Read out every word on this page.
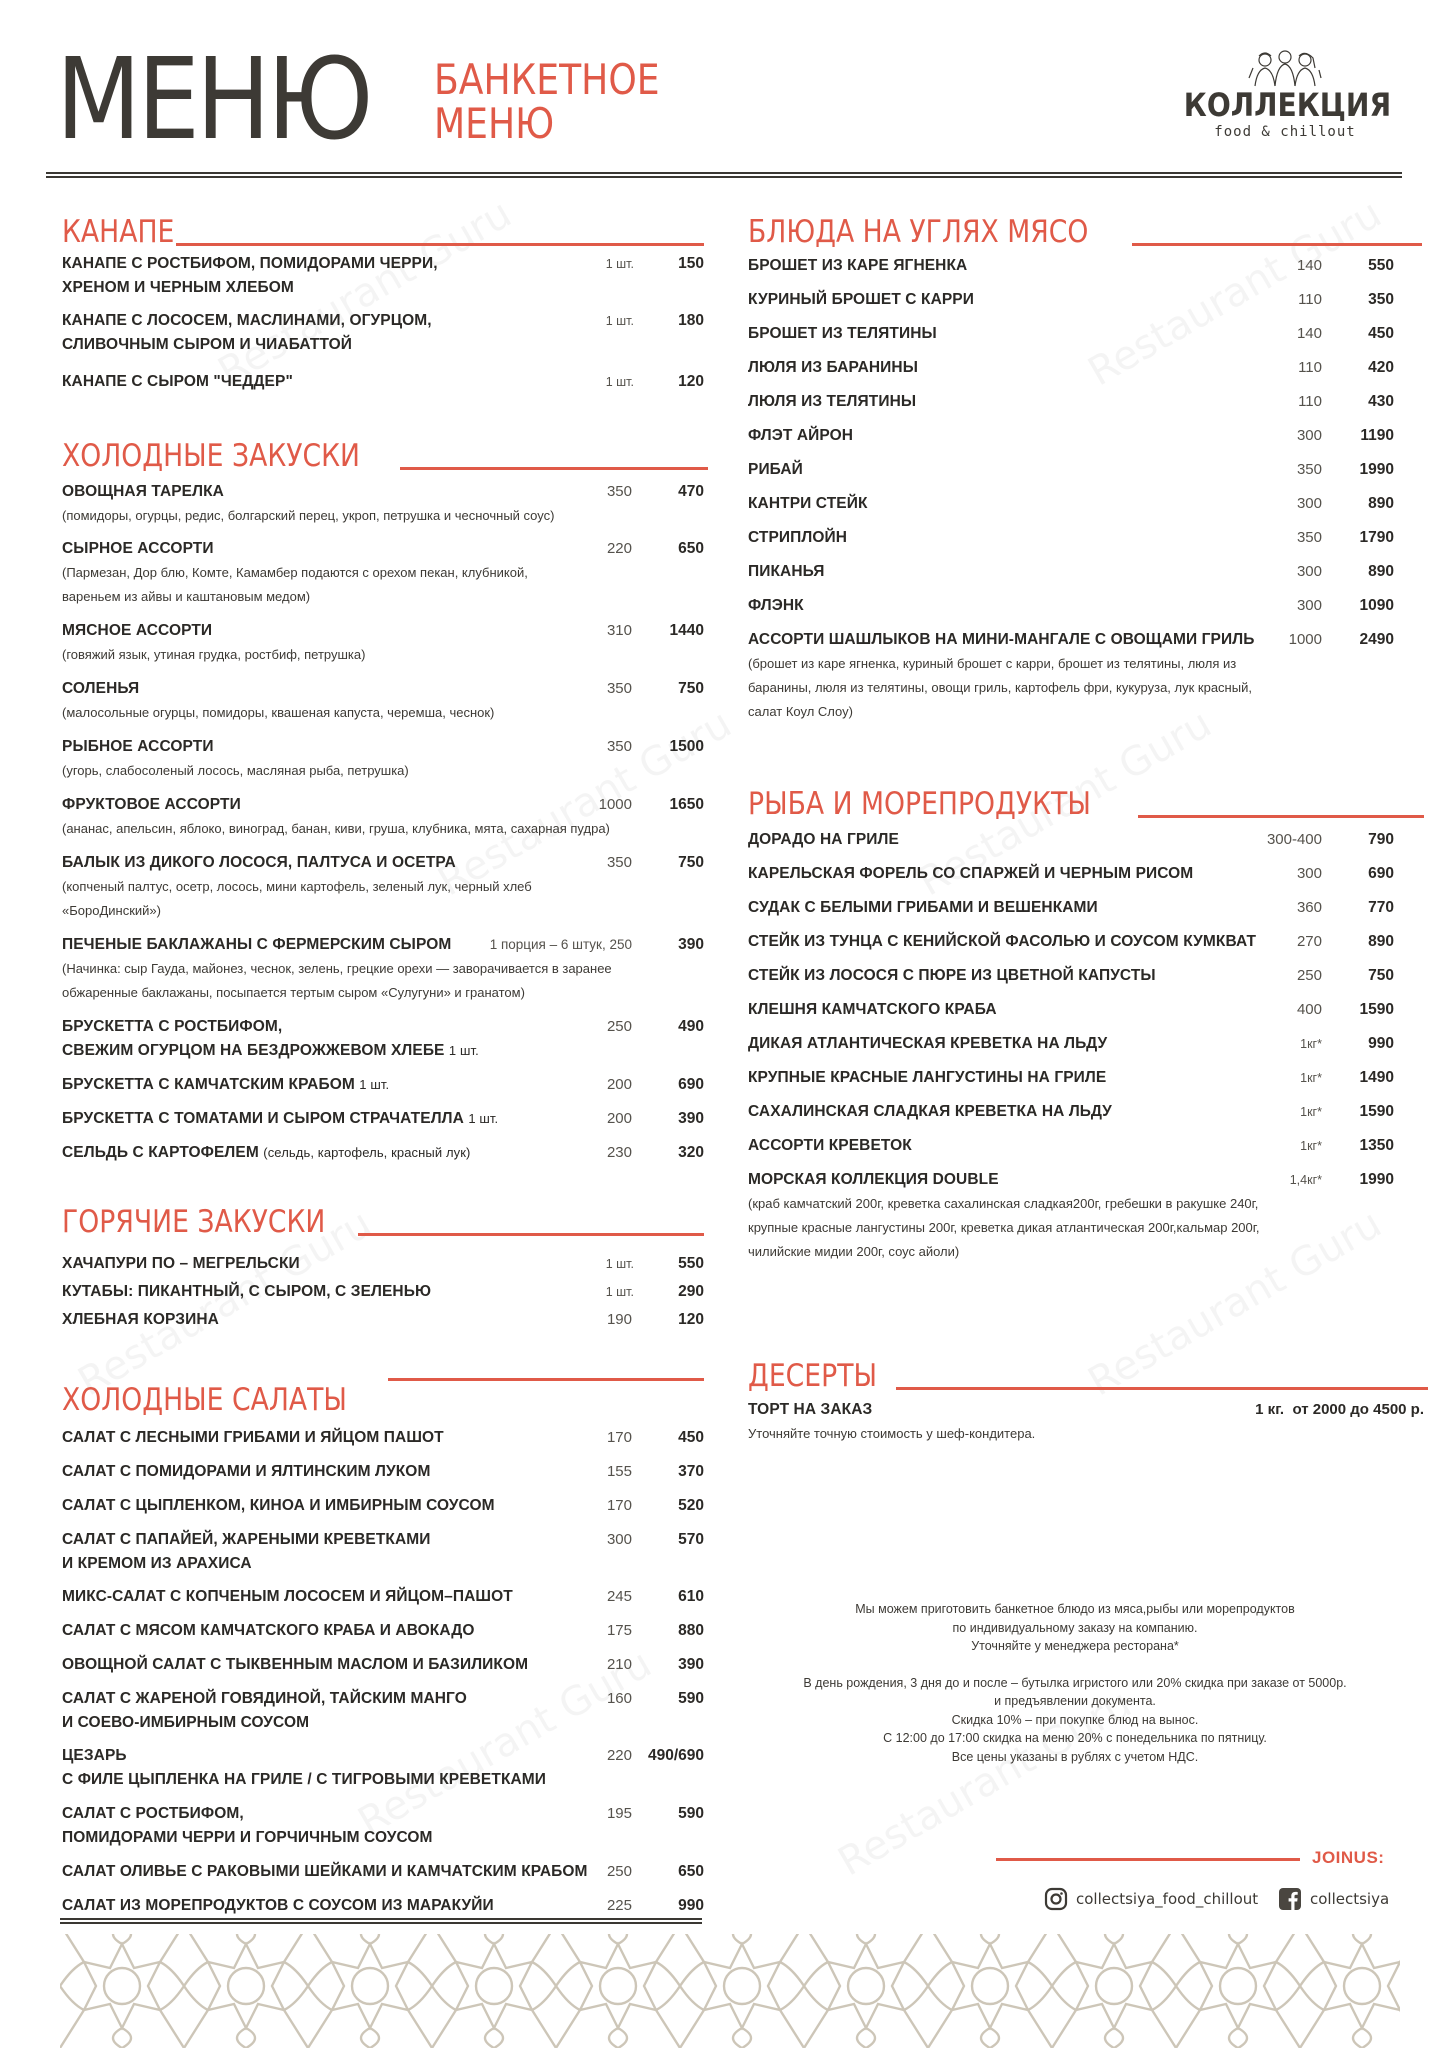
МЕНЮ БАНКЕТНОЕ
МЕНЮ	КОЛЛЕКЦИЯ
food & chillout
КАНАПЕ
КАНАПЕ С РОСТБИФОМ, ПОМИДОРАМИ ЧЕРРИ,
ХРЕНОМ И ЧЕРНЫМ ХЛЕБОМ
1 шт.	150
КАНАПЕ С ЛОСОСЕМ, МАСЛИНАМИ, ОГУРЦОМ,
СЛИВОЧНЫМ СЫРОМ И ЧИАБАТТОЙ
1 шт.	180
КАНАПЕ С СЫРОМ "ЧЕДДЕР"	1 шт.	120
ХОЛОДНЫЕ ЗАКУСКИ
ОВОЩНАЯ ТАРЕЛКА
(помидоры, огурцы, редис, болгарский перец, укроп, петрушка и чесночный соус)
350	470
СЫРНОЕ АССОРТИ
(Пармезан, Дор блю, Комте, Камамбер подаются с орехом пекан, клубникой,
вареньем из айвы и каштановым медом)
220	650
МЯСНОЕ АССОРТИ
(говяжий язык, утиная грудка, ростбиф, петрушка)
310 1440
СОЛЕНЬЯ
(малосольные огурцы, помидоры, квашеная капуста, черемша, чеснок)
350	750
РЫБНОЕ АССОРТИ
(угорь, слабосоленый лосось, масляная рыба, петрушка)
350 1500
ФРУКТОВОЕ АССОРТИ
(ананас, апельсин, яблоко, виноград, банан, киви, груша, клубника, мята, сахарная пудра)
1000 1650
БАЛЫК ИЗ ДИКОГО ЛОСОСЯ, ПАЛТУСА И ОСЕТРА
(копченый палтус, осетр, лосось, мини картофель, зеленый лук, черный хлеб
«БороДинский»)
350	750
ПЕЧЕНЫЕ БАКЛАЖАНЫ С ФЕРМЕРСКИМ СЫРОМ
(Начинка: сыр Гауда, майонез, чеснок, зелень, грецкие орехи — заворачивается в заранее
обжаренные баклажаны, посыпается тертым сыром «Сулугуни» и гранатом)
1 порция – 6 штук, 250	390
БРУСКЕТТА С РОСТБИФОМ,
СВЕЖИМ ОГУРЦОМ НА БЕЗДРОЖЖЕВОМ ХЛЕБЕ 1 шт.
250	490
БРУСКЕТТА С КАМЧАТСКИМ КРАБОМ 1 шт.	200	690
БРУСКЕТТА С ТОМАТАМИ И СЫРОМ СТРАЧАТЕЛЛА 1 шт.	200	390
СЕЛЬДЬ С КАРТОФЕЛЕМ (сельдь, картофель, красный лук)	230	320
ГОРЯЧИЕ ЗАКУСКИ
ХАЧАПУРИ ПО – МЕГРЕЛЬСКИ	1 шт.	550
КУТАБЫ: ПИКАНТНЫЙ, С СЫРОМ, С ЗЕЛЕНЬЮ	1 шт.	290
ХЛЕБНАЯ КОРЗИНА	190	120
ХОЛОДНЫЕ САЛАТЫ
САЛАТ С ЛЕСНЫМИ ГРИБАМИ И ЯЙЦОМ ПАШОТ	170	450
САЛАТ С ПОМИДОРАМИ И ЯЛТИНСКИМ ЛУКОМ	155	370
САЛАТ С ЦЫПЛЕНКОМ, КИНОА И ИМБИРНЫМ СОУСОМ	170	520
САЛАТ С ПАПАЙЕЙ, ЖАРЕНЫМИ КРЕВЕТКАМИ
И КРЕМОМ ИЗ АРАХИСА
300	570
МИКС-САЛАТ С КОПЧЕНЫМ ЛОСОСЕМ И ЯЙЦОМ–ПАШОТ	245	610
САЛАТ С МЯСОМ КАМЧАТСКОГО КРАБА И АВОКАДО	175	880
ОВОЩНОЙ САЛАТ С ТЫКВЕННЫМ МАСЛОМ И БАЗИЛИКОМ	210	390
САЛАТ С ЖАРЕНОЙ ГОВЯДИНОЙ, ТАЙСКИМ МАНГО
И СОЕВО-ИМБИРНЫМ СОУСОМ
160	590
ЦЕЗАРЬ
С ФИЛЕ ЦЫПЛЕНКА НА ГРИЛЕ / С ТИГРОВЫМИ КРЕВЕТКАМИ
220 490/690
САЛАТ С РОСТБИФОМ,
ПОМИДОРАМИ ЧЕРРИ И ГОРЧИЧНЫМ СОУСОМ
195	590
САЛАТ ОЛИВЬЕ С РАКОВЫМИ ШЕЙКАМИ И КАМЧАТСКИМ КРАБОМ	250	650
САЛАТ ИЗ МОРЕПРОДУКТОВ С СОУСОМ ИЗ МАРАКУЙИ	225	990
БЛЮДА НА УГЛЯХ МЯСО
БРОШЕТ ИЗ КАРЕ ЯГНЕНКА	140	550
КУРИНЫЙ БРОШЕТ С КАРРИ	110	350
БРОШЕТ ИЗ ТЕЛЯТИНЫ	140	450
ЛЮЛЯ ИЗ БАРАНИНЫ	110	420
ЛЮЛЯ ИЗ ТЕЛЯТИНЫ	110	430
ФЛЭТ АЙРОН	300 1190
РИБАЙ	350 1990
КАНТРИ СТЕЙК	300	890
СТРИПЛОЙН	350 1790
ПИКАНЬЯ	300	890
ФЛЭНК	300 1090
АССОРТИ ШАШЛЫКОВ НА МИНИ-МАНГАЛЕ С ОВОЩАМИ ГРИЛЬ
(брошет из каре ягненка, куриный брошет с карри, брошет из телятины, люля из
баранины, люля из телятины, овощи гриль, картофель фри, кукуруза, лук красный,
салат Коул Слоу)
1000 2490
РЫБА И МОРЕПРОДУКТЫ
ДОРАДО НА ГРИЛЕ	300-400	790
КАРЕЛЬСКАЯ ФОРЕЛЬ СО СПАРЖЕЙ И ЧЕРНЫМ РИСОМ	300	690
СУДАК С БЕЛЫМИ ГРИБАМИ И ВЕШЕНКАМИ	360	770
СТЕЙК ИЗ ТУНЦА С КЕНИЙСКОЙ ФАСОЛЬЮ И СОУСОМ КУМКВАТ	270	890
СТЕЙК ИЗ ЛОСОСЯ С ПЮРЕ ИЗ ЦВЕТНОЙ КАПУСТЫ	250	750
КЛЕШНЯ КАМЧАТСКОГО КРАБА	400 1590
ДИКАЯ АТЛАНТИЧЕСКАЯ КРЕВЕТКА НА ЛЬДУ	1кг*	990
КРУПНЫЕ КРАСНЫЕ ЛАНГУСТИНЫ НА ГРИЛЕ	1кг* 1490
САХАЛИНСКАЯ СЛАДКАЯ КРЕВЕТКА НА ЛЬДУ	1кг* 1590
АССОРТИ КРЕВЕТОК	1кг* 1350
МОРСКАЯ КОЛЛЕКЦИЯ DOUBLE
(краб камчатский 200г, креветка сахалинская сладкая200г, гребешки в ракушке 240г,
крупные красные лангустины 200г, креветка дикая атлантическая 200г,кальмар 200г,
чилийские мидии 200г, соус айоли)
1,4кг* 1990
ДЕСЕРТЫ
ТОРТ НА ЗАКАЗ
Уточняйте точную стоимость у шеф-кондитера.
1 кг.  от 2000 до 4500 р.

Мы можем приготовить банкетное блюдо из мяса,рыбы или морепродуктов

по индивидуальному заказу на компанию.

Уточняйте у менеджера ресторана*

В день рождения, 3 дня до и после – бутылка игристого или 20% скидка при заказе от 5000р.

и предъявлении документа.

Скидка 10% – при покупке блюд на вынос.

С 12:00 до 17:00 скидка на меню 20% с понедельника по пятницу.

Все цены указаны в рублях с учетом НДС.

JOINUS:
collectsiya_food_chillout	collectsiya
